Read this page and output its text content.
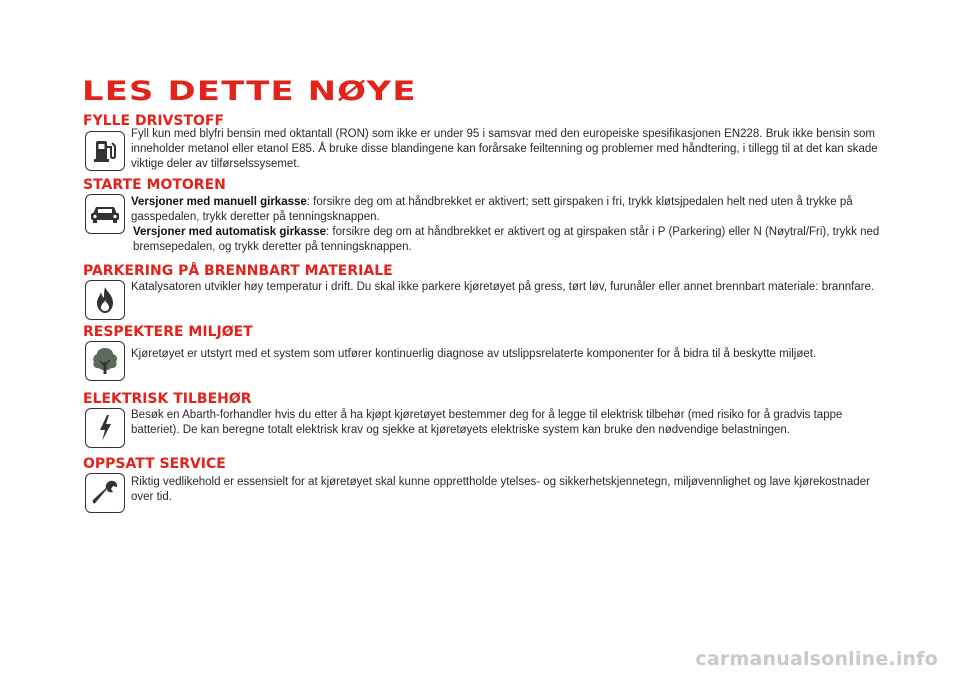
LES DETTE NØYE
FYLLE DRIVSTOFF

Fyll kun med blyfri bensin med oktantall (RON) som ikke er under 95 i samsvar med den europeiske spesifikasjonen EN228. Bruk ikke bensin som inneholder metanol eller etanol E85. Å bruke disse blandingene kan forårsake feiltenning og problemer med håndtering, i tillegg til at det kan skade viktige deler av tilførselssysemet.

STARTE MOTOREN

Versjoner med manuell girkasse: forsikre deg om at håndbrekket er aktivert; sett girspaken i fri, trykk kløtsjpedalen helt ned uten å trykke på gasspedalen, trykk deretter på tenningsknappen.

Versjoner med automatisk girkasse: forsikre deg om at håndbrekket er aktivert og at girspaken står i P (Parkering) eller N (Nøytral/Fri), trykk ned bremsepedalen, og trykk deretter på tenningsknappen.

PARKERING PÅ BRENNBART MATERIALE

Katalysatoren utvikler høy temperatur i drift. Du skal ikke parkere kjøretøyet på gress, tørt løv, furunåler eller annet brennbart materiale: brannfare.

RESPEKTERE MILJØET

Kjøretøyet er utstyrt med et system som utfører kontinuerlig diagnose av utslippsrelaterte komponenter for å bidra til å beskytte miljøet.

ELEKTRISK TILBEHØR

Besøk en Abarth-forhandler hvis du etter å ha kjøpt kjøretøyet bestemmer deg for å legge til elektrisk tilbehør (med risiko for å gradvis tappe batteriet). De kan beregne totalt elektrisk krav og sjekke at kjøretøyets elektriske system kan bruke den nødvendige belastningen.

OPPSATT SERVICE

Riktig vedlikehold er essensielt for at kjøretøyet skal kunne opprettholde ytelses- og sikkerhetskjennetegn, miljøvennlighet og lave kjørekostnader over tid.

carmanualsonline.info
